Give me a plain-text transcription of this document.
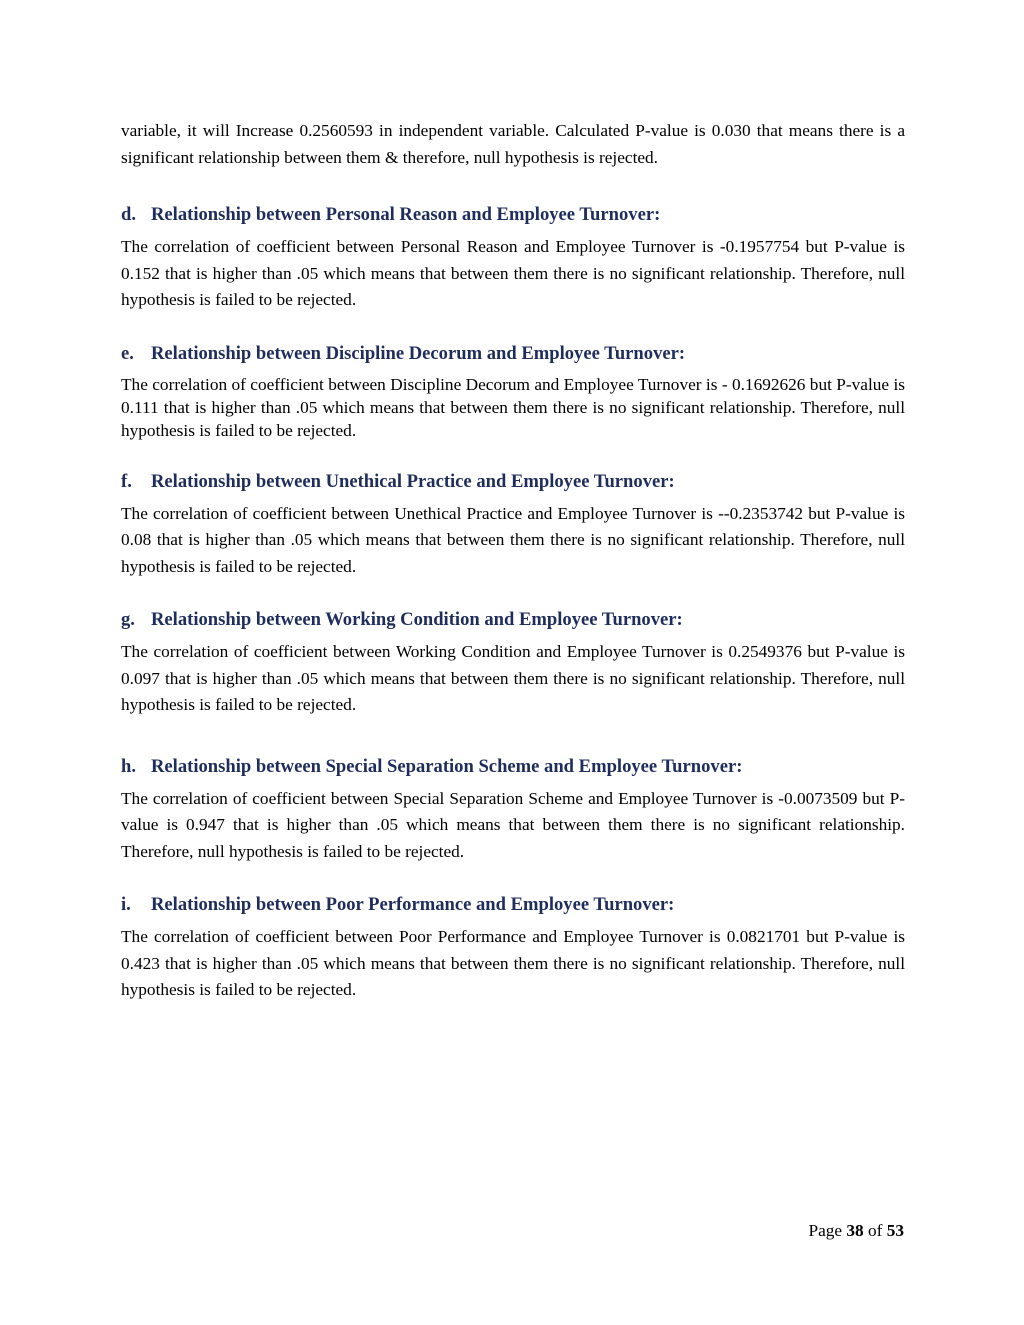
variable, it will Increase 0.2560593 in independent variable. Calculated P-value is 0.030 that means there is a significant relationship between them & therefore, null hypothesis is rejected.

d. Relationship between Personal Reason and Employee Turnover:

The correlation of coefficient between Personal Reason and Employee Turnover is -0.1957754 but P-value is 0.152 that is higher than .05 which means that between them there is no significant relationship. Therefore, null hypothesis is failed to be rejected.

e. Relationship between Discipline Decorum and Employee Turnover:

The correlation of coefficient between Discipline Decorum and Employee Turnover is - 0.1692626 but P-value is 0.111 that is higher than .05 which means that between them there is no significant relationship. Therefore, null hypothesis is failed to be rejected.

f. Relationship between Unethical Practice and Employee Turnover:

The correlation of coefficient between Unethical Practice and Employee Turnover is --0.2353742 but P-value is 0.08 that is higher than .05 which means that between them there is no significant relationship. Therefore, null hypothesis is failed to be rejected.

g. Relationship between Working Condition and Employee Turnover:

The correlation of coefficient between Working Condition and Employee Turnover is 0.2549376 but P-value is 0.097 that is higher than .05 which means that between them there is no significant relationship. Therefore, null hypothesis is failed to be rejected.

h. Relationship between Special Separation Scheme and Employee Turnover:

The correlation of coefficient between Special Separation Scheme and Employee Turnover is -0.0073509 but P-value is 0.947 that is higher than .05 which means that between them there is no significant relationship. Therefore, null hypothesis is failed to be rejected.

i. Relationship between Poor Performance and Employee Turnover:

The correlation of coefficient between Poor Performance and Employee Turnover is 0.0821701 but P-value is 0.423 that is higher than .05 which means that between them there is no significant relationship. Therefore, null hypothesis is failed to be rejected.

Page 38 of 53
